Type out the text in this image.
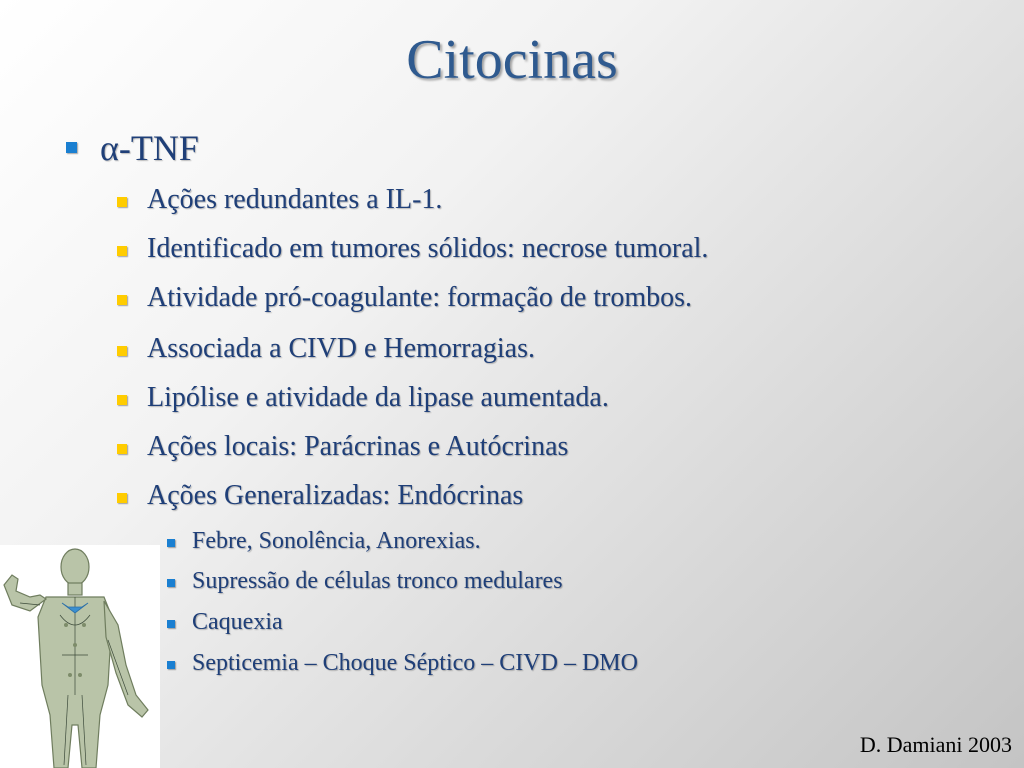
Citocinas
α-TNF
Ações redundantes a IL-1.
Identificado em tumores sólidos: necrose tumoral.
Atividade pró-coagulante: formação de trombos.
Associada a CIVD e Hemorragias.
Lipólise e atividade da lipase aumentada.
Ações locais: Parácrinas e Autócrinas
Ações Generalizadas: Endócrinas
Febre, Sonolência, Anorexias.
Supressão de células tronco medulares
Caquexia
Septicemia – Choque Séptico – CIVD – DMO
D. Damiani 2003
